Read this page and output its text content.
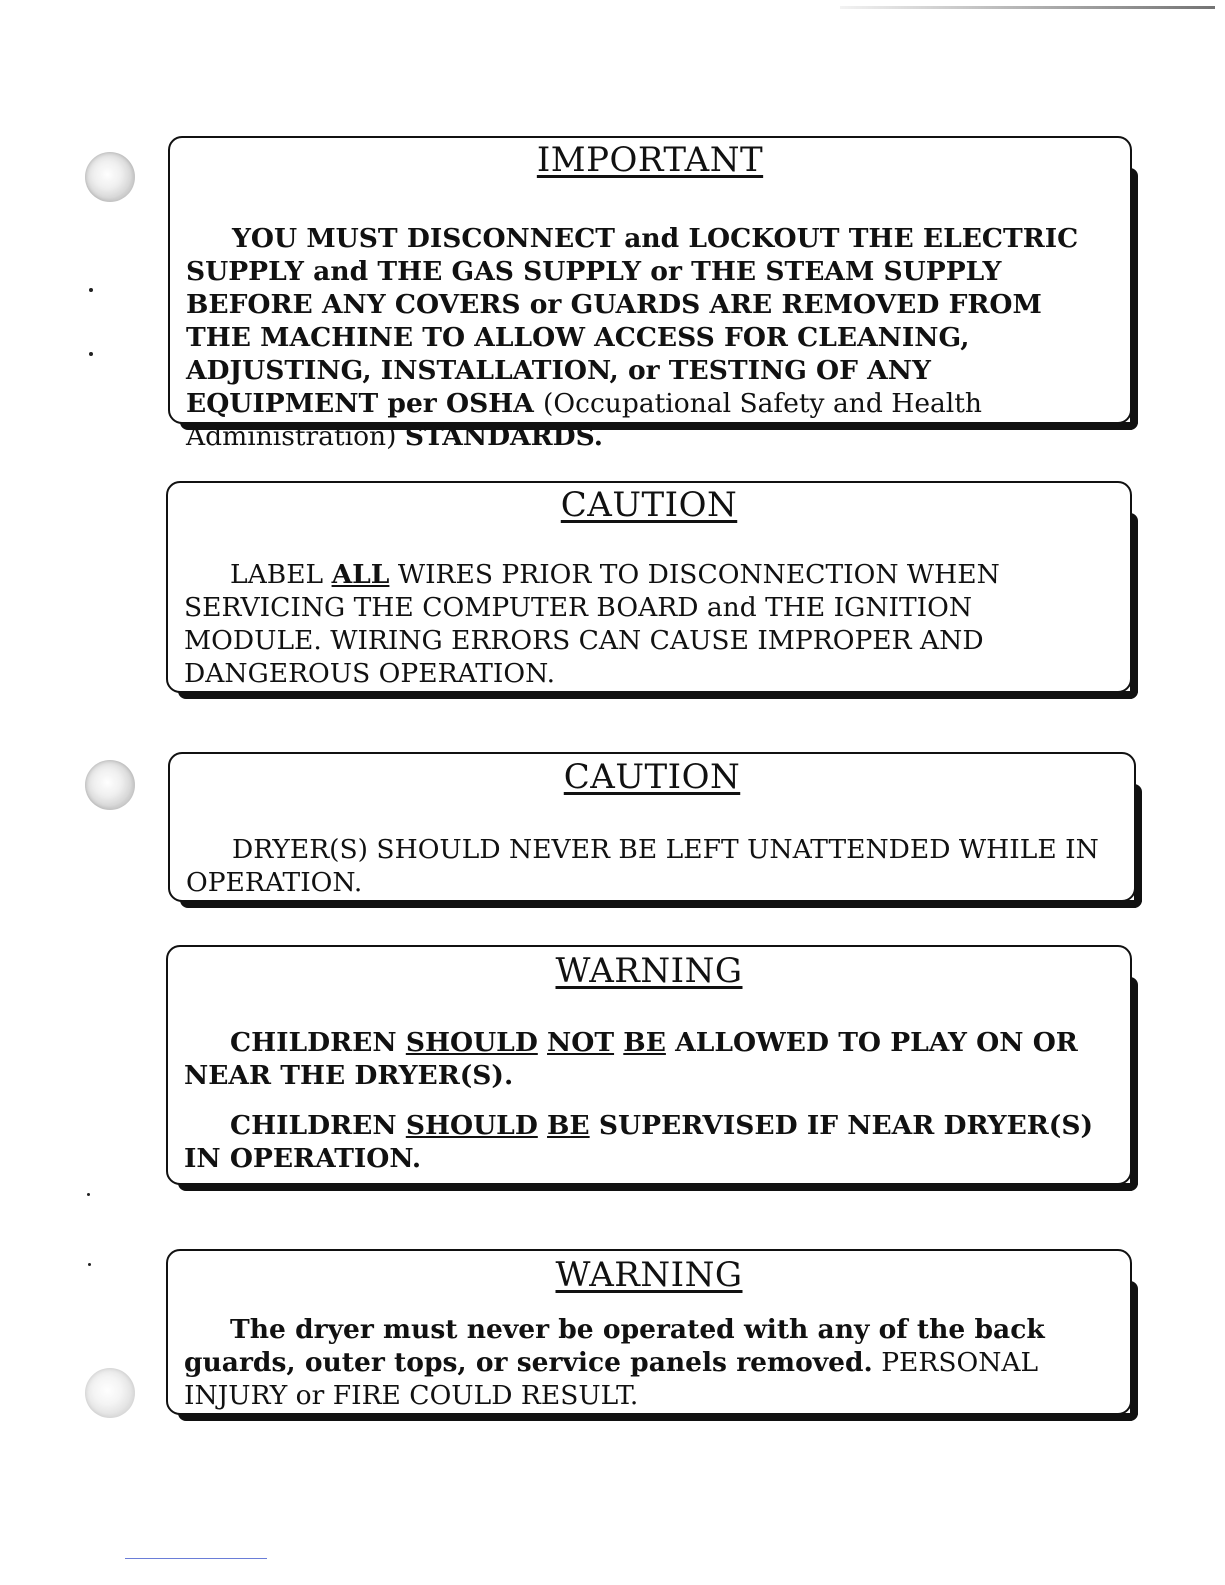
IMPORTANT

YOU MUST DISCONNECT and LOCKOUT THE ELECTRIC SUPPLY and THE GAS SUPPLY or THE STEAM SUPPLY BEFORE ANY COVERS or GUARDS ARE REMOVED FROM THE MACHINE TO ALLOW ACCESS FOR CLEANING, ADJUSTING, INSTALLATION, or TESTING OF ANY EQUIPMENT per OSHA (Occupational Safety and Health Administration) STANDARDS.

CAUTION

LABEL ALL WIRES PRIOR TO DISCONNECTION WHEN SERVICING THE COMPUTER BOARD and THE IGNITION MODULE. WIRING ERRORS CAN CAUSE IMPROPER AND DANGEROUS OPERATION.

CAUTION

DRYER(S) SHOULD NEVER BE LEFT UNATTENDED WHILE IN OPERATION.

WARNING

CHILDREN SHOULD NOT BE ALLOWED TO PLAY ON OR NEAR THE DRYER(S).

CHILDREN SHOULD BE SUPERVISED IF NEAR DRYER(S) IN OPERATION.

WARNING

The dryer must never be operated with any of the back guards, outer tops, or service panels removed. PERSONAL INJURY or FIRE COULD RESULT.
